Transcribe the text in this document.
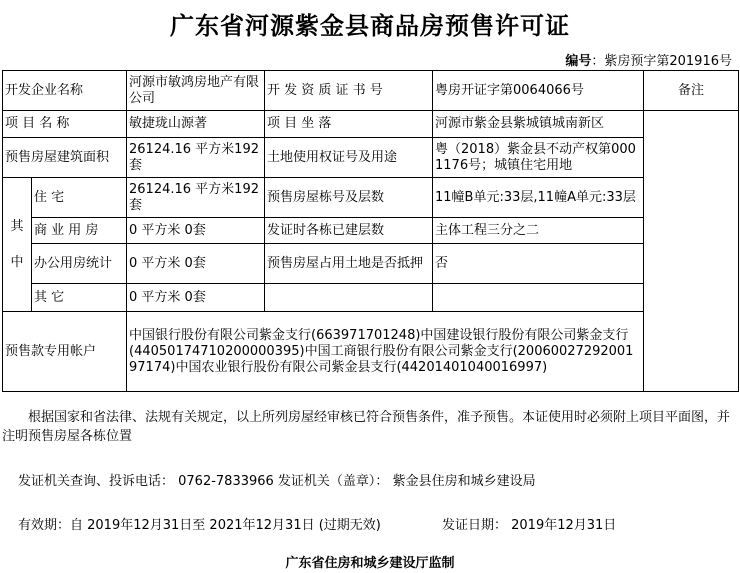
广东省河源紫金县商品房预售许可证
编号：紫房预字第201916号
开发企业名称		河源市敏鸿房地产有限公司	开 发 资 质 证 书 号	粤房开证字第0064066号	备注
项 目 名 称		敏捷珑山源著	项 目 坐 落	河源市紫金县紫城镇城南新区	
预售房屋建筑面积		26124.16 平方米192套	土地使用权证号及用途	粤（2018）紫金县不动产权第0001176号；城镇住宅用地	

其
中	住 宅	26124.16 平方米192套	预售房屋栋号及层数	11幢B单元:33层,11幢A单元:33层	
	商 业 用 房	0 平方米 0套	发证时各栋已建层数	主体工程三分之二	
	办公用房统计	0 平方米 0套	预售房屋占用土地是否抵押	否	
	其 它	0 平方米 0套			
预售款专用帐户		中国银行股份有限公司紫金支行(663971701248)中国建设银行股份有限公司紫金支行(44050174710200000395)中国工商银行股份有限公司紫金支行(2006002729200197174)中国农业银行股份有限公司紫金县支行(44201401040016997)			
根据国家和省法律、法规有关规定，以上所列房屋经审核已符合预售条件，准予预售。本证使用时必须附上项目平面图，并注明预售房屋各栋位置
发证机关查询、投诉电话： 0762-7833966 发证机关（盖章）： 紫金县住房和城乡建设局
有效期：自 2019年12月31日至 2021年12月31日 (过期无效)	发证日期： 2019年12月31日
广东省住房和城乡建设厅监制
